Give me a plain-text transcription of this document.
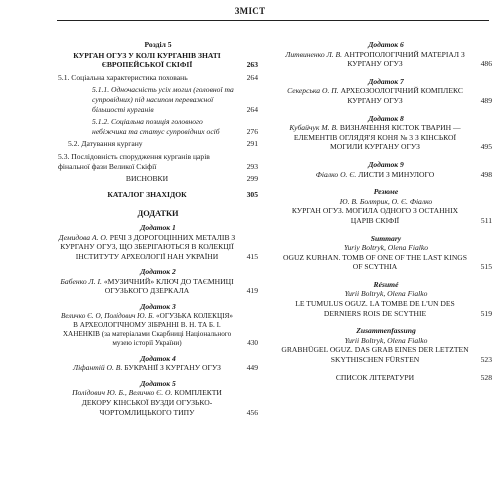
ЗМІСТ
Розділ 5
КУРГАН ОГУЗ У КОЛІ КУРГАНІВ ЗНАТІ ЄВРОПЕЙСЬКОЇ СКІФІЇ	263
5.1. Соціальна характеристика поховань	264
5.1.1. Одночасність усіх могил (головної та супровідних) під насипом переважної більшості курганів	264
5.1.2. Соціальна позиція головного небіжчика та статус супровідних осіб	276
5.2. Датування кургану	291
5.3. Послідовність спорудження курганів царів фінальної фази Великої Скіфії	293
ВИСНОВКИ	299
КАТАЛОГ ЗНАХІДОК	305
ДОДАТКИ
Додаток 1
Демидова А. О. РЕЧІ З ДОРОГОЦІННИХ МЕТАЛІВ З КУРГАНУ ОГУЗ, ЩО ЗБЕРІГАЮТЬСЯ В КОЛЕКЦІЇ ІНСТИТУТУ АРХЕОЛОГІЇ НАН УКРАЇНИ	415
Додаток 2
Бабенко Л. І. «МУЗИЧНИЙ» КЛЮЧ ДО ТАЄМНИЦІ ОГУЗЬКОГО ДЗЕРКАЛА	419
Додаток 3
Величко Є. О, Полідович Ю. Б. «ОГУЗЬКА КОЛЕКЦІЯ» В АРХЕОЛОГІЧНОМУ ЗІБРАННІ В. Н. ТА Б. І. ХАНЕНКІВ (за матеріалами Скарбниці Національного музею історії України)	430
Додаток 4
Ліфантій О. В. БУКРАНІЇ З КУРГАНУ ОГУЗ	449
Додаток 5
Полідович Ю. Б., Величко Є. О. КОМПЛЕКТИ ДЕКОРУ КІНСЬКОЇ ВУЗДИ ОГУЗЬКО-ЧОРТОМЛИЦЬКОГО ТИПУ	456
Додаток 6
Литвиненко Л. В. АНТРОПОЛОГІЧНИЙ МАТЕРІАЛ З КУРГАНУ ОГУЗ	486
Додаток 7
Секерська О. П. АРХЕОЗООЛОГІЧНИЙ КОМПЛЕКС КУРГАНУ ОГУЗ	489
Додаток 8
Кубайчук М. В. ВИЗНАЧЕННЯ КІСТОК ТВАРИН — ЕЛЕМЕНТІВ ОГЛЯДЯ'Я КОНЯ № 3 З КІНСЬКОЇ МОГИЛИ КУРГАНУ ОГУЗ	495
Додаток 9
Фіалко О. Є. ЛИСТИ З МИНУЛОГО	498
Резюме
Ю. В. Болтрик, О. Є. Фіалко
КУРГАН ОГУЗ. МОГИЛА ОДНОГО З ОСТАННІХ ЦАРІВ СКІФІЇ	511
Summary
Yuriy Boltryk, Olena Fialko
OGUZ KURHAN. TOMB OF ONE OF THE LAST KINGS OF SCYTHIA	515
Résumé
Yurii Boltryk, Olena Fialko
LE TUMULUS OGUZ. LA TOMBE DE L'UN DES DERNIERS ROIS DE SCYTHIE	519
Zusammenfassung
Yurii Boltryk, Olena Fialko
GRABHÜGEL OGUZ. DAS GRAB EINES DER LETZTEN SKYTHISCHEN FÜRSTEN	523
СПИСОК ЛІТЕРАТУРИ	528
